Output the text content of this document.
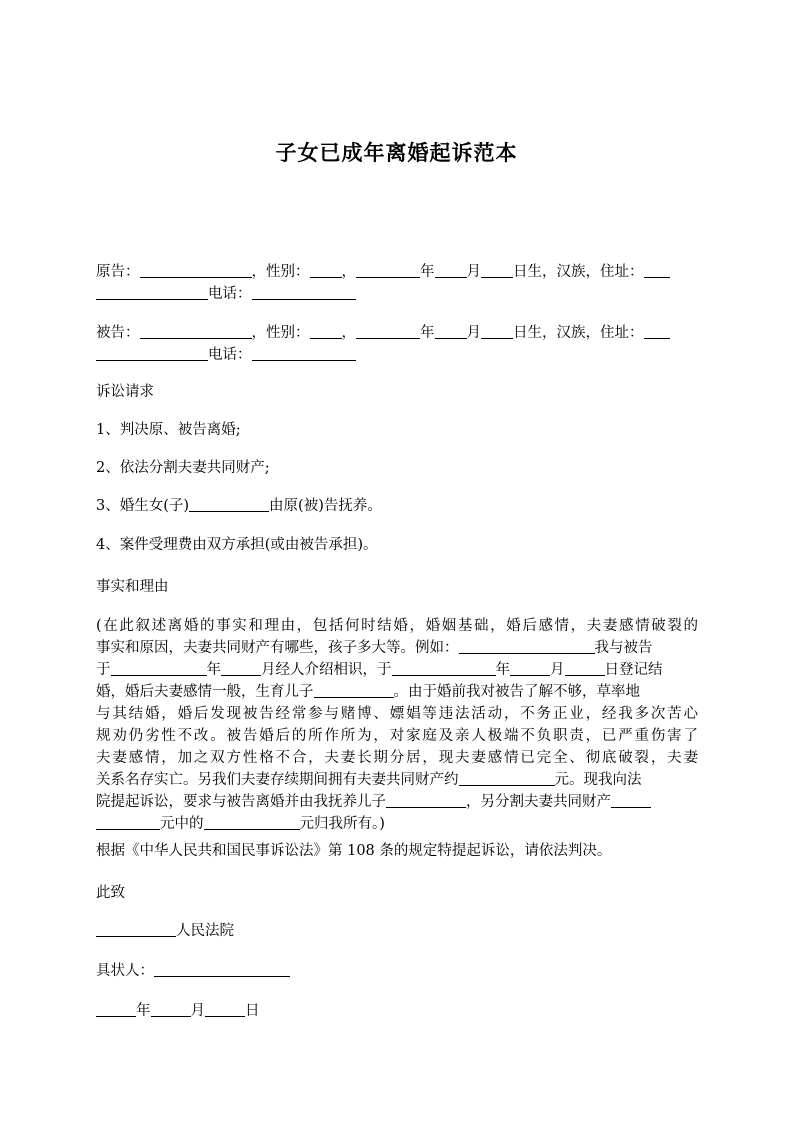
子女已成年离婚起诉范本
原告：	，性别： ，	年 月 日生，汉族，住址：
电话：
被告：	，性别： ，	年 月 日生，汉族，住址：
电话：
诉讼请求
1、判决原、被告离婚;
2、依法分割夫妻共同财产;
3、婚生女(子)	由原(被)告抚养。
4、案件受理费由双方承担(或由被告承担)。
事实和理由
(在此叙述离婚的事实和理由，包括何时结婚，婚姻基础，婚后感情，夫妻感情破裂的
事实和原因，夫妻共同财产有哪些，孩子多大等。例如：	我与被告
于	年	月经人介绍相识，于	年	月	日登记结
婚，婚后夫妻感情一般，生育儿子	。由于婚前我对被告了解不够，草率地
与其结婚，婚后发现被告经常参与赌博、嫖娼等违法活动，不务正业，经我多次苦心
规劝仍劣性不改。被告婚后的所作所为，对家庭及亲人极端不负职责，已严重伤害了
夫妻感情，加之双方性格不合，夫妻长期分居，现夫妻感情已完全、彻底破裂，夫妻
关系名存实亡。另我们夫妻存续期间拥有夫妻共同财产约	元。现我向法
院提起诉讼，要求与被告离婚并由我抚养儿子	，另分割夫妻共同财产
元中的	元归我所有。)
根据《中华人民共和国民事诉讼法》第 108 条的规定特提起诉讼，请依法判决。
此致
人民法院
具状人：
年	月	日
